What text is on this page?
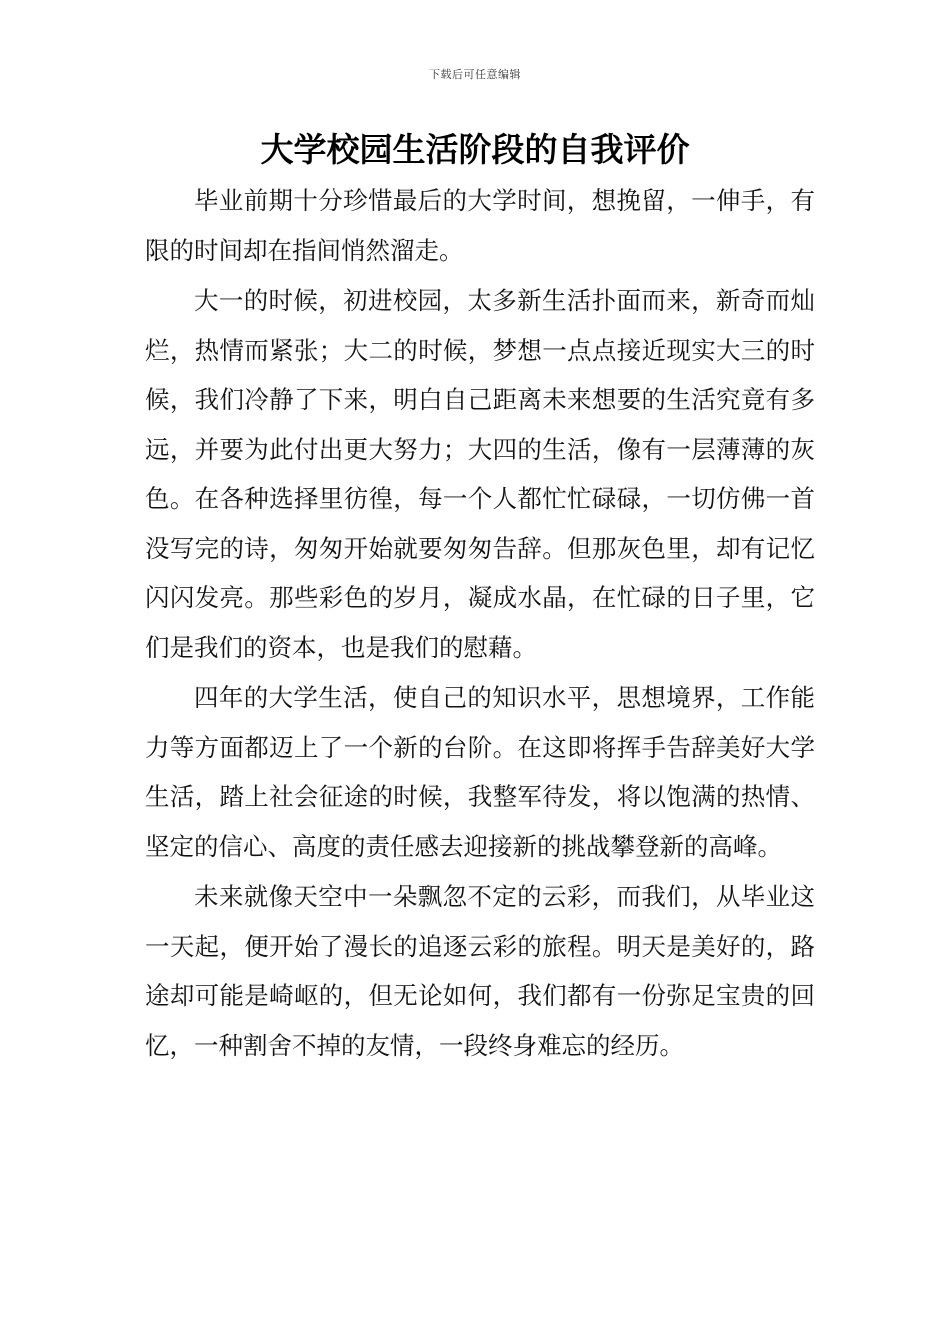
下载后可任意编辑
大学校园生活阶段的自我评价

毕业前期十分珍惜最后的大学时间，想挽留，一伸手，有限的时间却在指间悄然溜走。

大一的时候，初进校园，太多新生活扑面而来，新奇而灿烂，热情而紧张；大二的时候，梦想一点点接近现实大三的时候，我们冷静了下来，明白自己距离未来想要的生活究竟有多远，并要为此付出更大努力；大四的生活，像有一层薄薄的灰色。在各种选择里彷徨，每一个人都忙忙碌碌，一切仿佛一首没写完的诗，匆匆开始就要匆匆告辞。但那灰色里，却有记忆闪闪发亮。那些彩色的岁月，凝成水晶，在忙碌的日子里，它们是我们的资本，也是我们的慰藉。

四年的大学生活，使自己的知识水平，思想境界，工作能力等方面都迈上了一个新的台阶。在这即将挥手告辞美好大学生活，踏上社会征途的时候，我整军待发，将以饱满的热情、坚定的信心、高度的责任感去迎接新的挑战攀登新的高峰。

未来就像天空中一朵飘忽不定的云彩，而我们，从毕业这一天起，便开始了漫长的追逐云彩的旅程。明天是美好的，路途却可能是崎岖的，但无论如何，我们都有一份弥足宝贵的回忆，一种割舍不掉的友情，一段终身难忘的经历。
